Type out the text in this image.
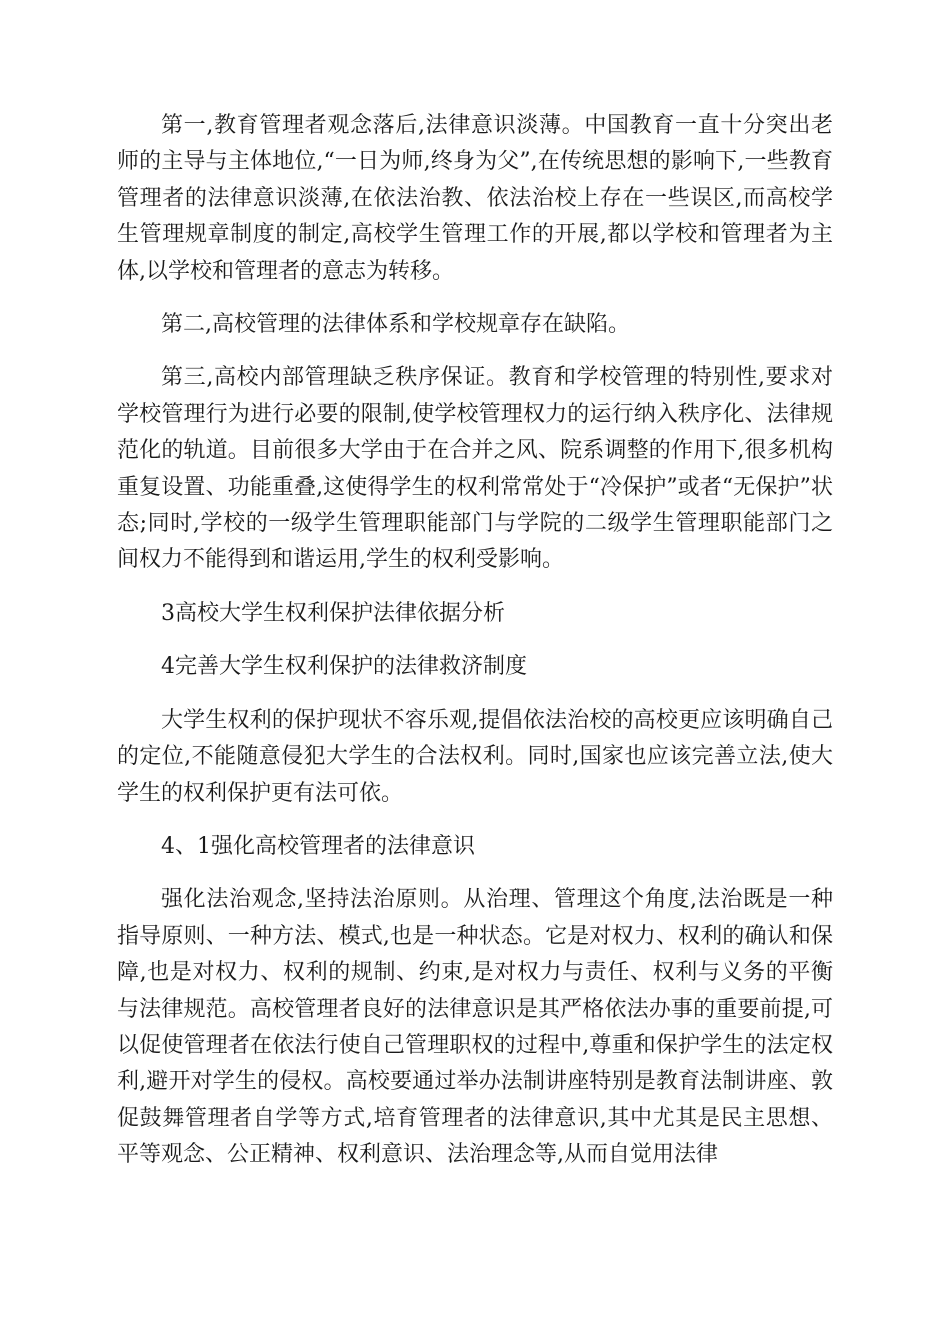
第一,教育管理者观念落后,法律意识淡薄。中国教育一直十分突出老师的主导与主体地位,“一日为师,终身为父”,在传统思想的影响下,一些教育管理者的法律意识淡薄,在依法治教、依法治校上存在一些误区,而高校学生管理规章制度的制定,高校学生管理工作的开展,都以学校和管理者为主体,以学校和管理者的意志为转移。

第二,高校管理的法律体系和学校规章存在缺陷。

第三,高校内部管理缺乏秩序保证。教育和学校管理的特别性,要求对学校管理行为进行必要的限制,使学校管理权力的运行纳入秩序化、法律规范化的轨道。目前很多大学由于在合并之风、院系调整的作用下,很多机构重复设置、功能重叠,这使得学生的权利常常处于“冷保护”或者“无保护”状态;同时,学校的一级学生管理职能部门与学院的二级学生管理职能部门之间权力不能得到和谐运用,学生的权利受影响。

3高校大学生权利保护法律依据分析

4完善大学生权利保护的法律救济制度

大学生权利的保护现状不容乐观,提倡依法治校的高校更应该明确自己的定位,不能随意侵犯大学生的合法权利。同时,国家也应该完善立法,使大学生的权利保护更有法可依。

4、1强化高校管理者的法律意识

强化法治观念,坚持法治原则。从治理、管理这个角度,法治既是一种指导原则、一种方法、模式,也是一种状态。它是对权力、权利的确认和保障,也是对权力、权利的规制、约束,是对权力与责任、权利与义务的平衡与法律规范。高校管理者良好的法律意识是其严格依法办事的重要前提,可以促使管理者在依法行使自己管理职权的过程中,尊重和保护学生的法定权利,避开对学生的侵权。高校要通过举办法制讲座特别是教育法制讲座、敦促鼓舞管理者自学等方式,培育管理者的法律意识,其中尤其是民主思想、平等观念、公正精神、权利意识、法治理念等,从而自觉用法律
